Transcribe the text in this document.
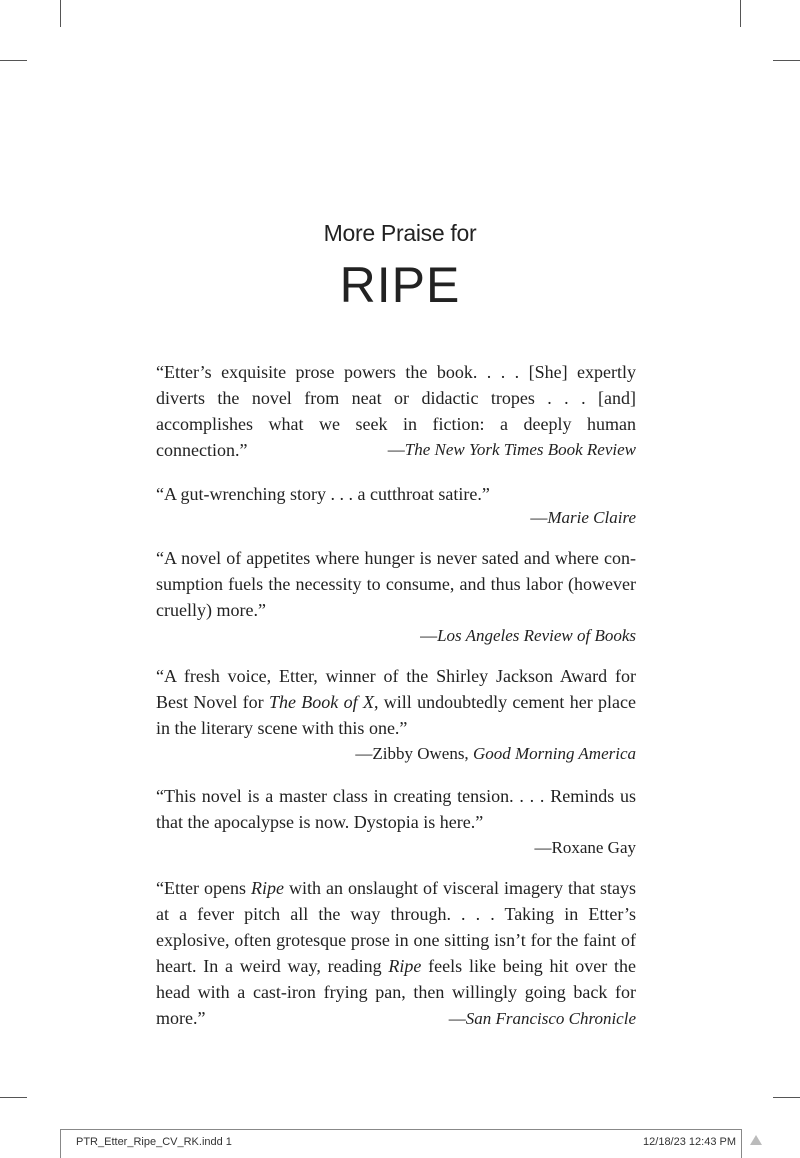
More Praise for
RIPE
“Etter’s exquisite prose powers the book. . . . [She] expertly diverts the novel from neat or didactic tropes . . . [and] accomplishes what we seek in fiction: a deeply human connection.”	—The New York Times Book Review
“A gut-wrenching story . . . a cutthroat satire.”
—Marie Claire
“A novel of appetites where hunger is never sated and where con-sumption fuels the necessity to consume, and thus labor (however cruelly) more.”
—Los Angeles Review of Books
“A fresh voice, Etter, winner of the Shirley Jackson Award for Best Novel for The Book of X, will undoubtedly cement her place in the literary scene with this one.”
—Zibby Owens, Good Morning America
“This novel is a master class in creating tension. . . . Reminds us that the apocalypse is now. Dystopia is here.”
—Roxane Gay
“Etter opens Ripe with an onslaught of visceral imagery that stays at a fever pitch all the way through. . . . Taking in Etter’s explosive, often grotesque prose in one sitting isn’t for the faint of heart. In a weird way, reading Ripe feels like being hit over the head with a cast-iron frying pan, then willingly going back for more.”	—San Francisco Chronicle
PTR_Etter_Ripe_CV_RK.indd 1	12/18/23 12:43 PM
